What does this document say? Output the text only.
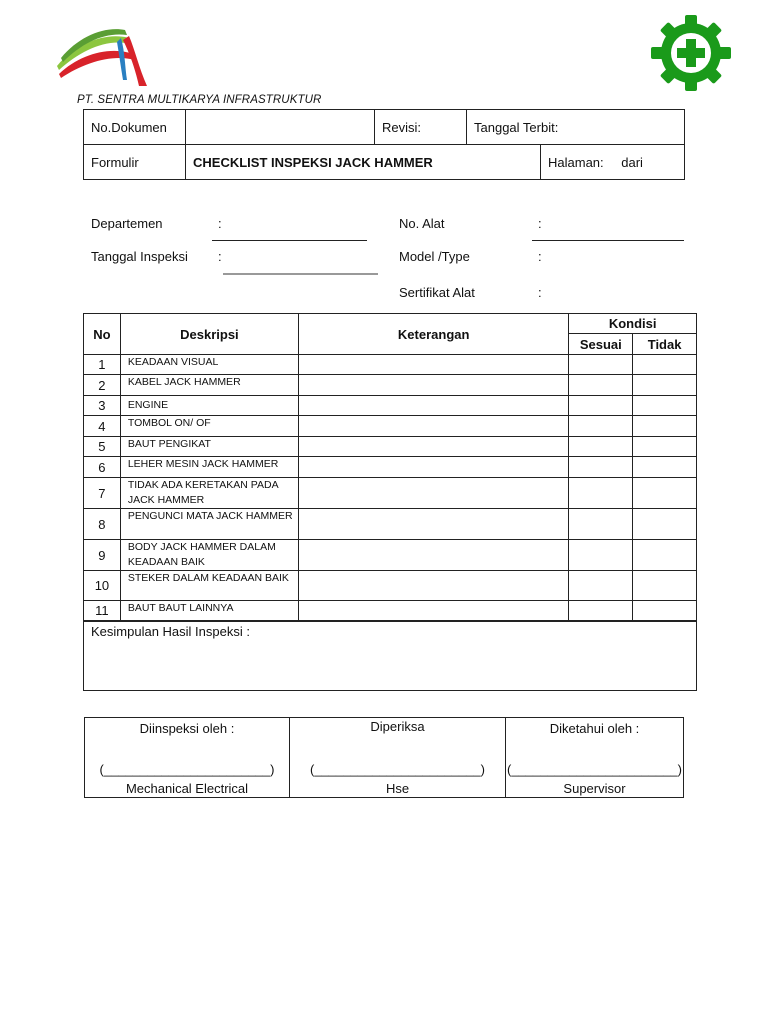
PT. SENTRA MULTIKARYA INFRASTRUKTUR
No.Dokumen		Revisi:	Tanggal Terbit:	
Formulir	CHECKLIST INSPEKSI JACK HAMMER			Halaman: dari
Departemen	:
Tanggal Inspeksi :
No. Alat	:
Model /Type	:
Sertifikat Alat	:
No	Deskripsi	Keterangan	Kondisi	
			Sesuai	Tidak
1	KEADAAN VISUAL			
2	KABEL JACK HAMMER			
3	ENGINE			
4	TOMBOL ON/ OF			
5	BAUT PENGIKAT			
6	LEHER MESIN JACK HAMMER			
7	TIDAK ADA KERETAKAN PADA JACK HAMMER			
8	PENGUNCI MATA JACK HAMMER			
9	BODY JACK HAMMER DALAM KEADAAN BAIK			
10	STEKER DALAM KEADAAN BAIK			
11	BAUT BAUT LAINNYA			
Kesimpulan Hasil Inspeksi :
Diinspeksi oleh :
(_______________________)
Mechanical Electrical

Diperiksa
(_______________________)
Hse

Diketahui oleh :
(_______________________)
Supervisor
